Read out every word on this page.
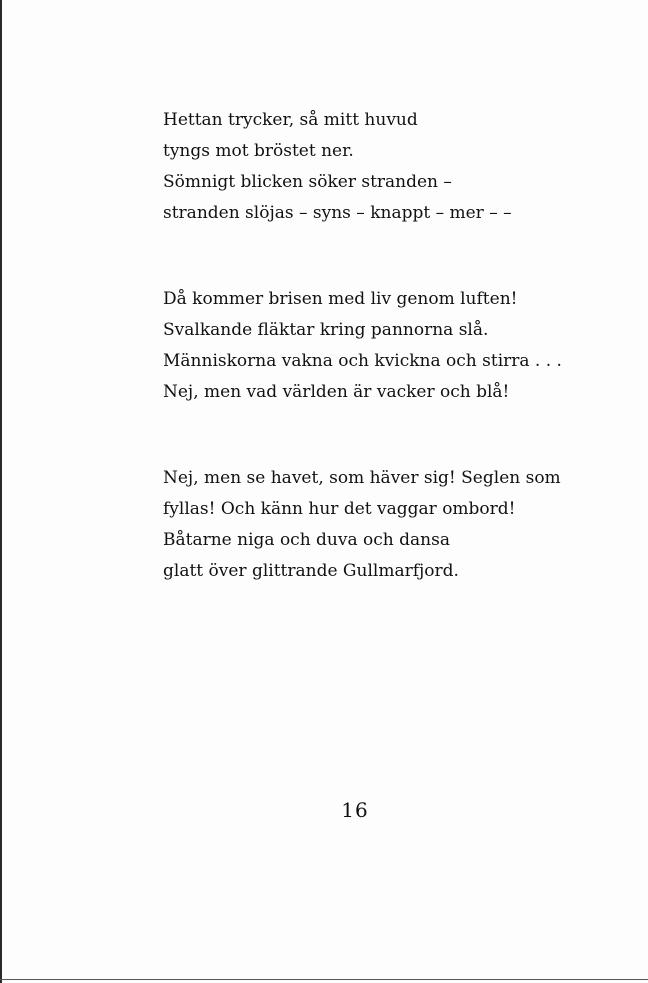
Hettan trycker, så mitt huvud
tyngs mot bröstet ner.
Sömnigt blicken söker stranden –
stranden slöjas – syns – knappt – mer – –
Då kommer brisen med liv genom luften!
Svalkande fläktar kring pannorna slå.
Människorna vakna och kvickna och stirra . . .
Nej, men vad världen är vacker och blå!
Nej, men se havet, som häver sig! Seglen som
fyllas! Och känn hur det vaggar ombord!
Båtarne niga och duva och dansa
glatt över glittrande Gullmarfjord.
16
